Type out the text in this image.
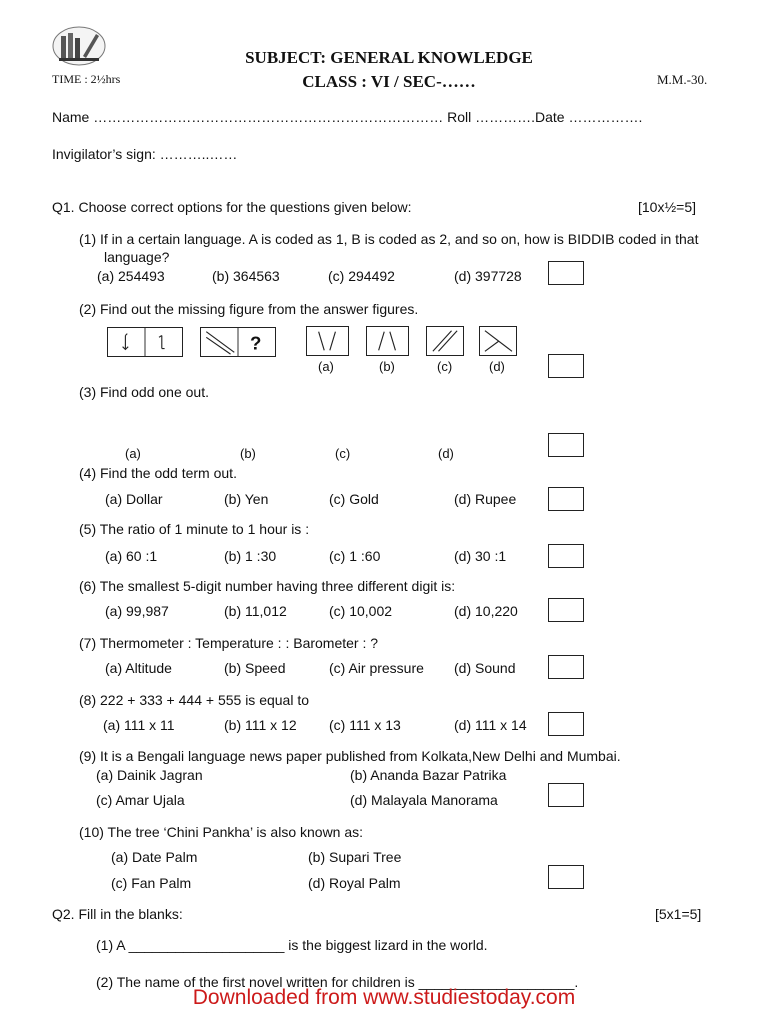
SUBJECT: GENERAL KNOWLEDGE
CLASS : VI / SEC-……
TIME : 2½hrs	M.M.-30.
Name ………………………………………………………………… Roll ………….Date …………….
Invigilator’s sign: ………..……
Q1. Choose correct options for the questions given below:	[10x½=5]
(1) If in a certain language. A is coded as 1, B is coded as 2, and so on, how is BIDDIB coded in that
language?
(a) 254493	(b) 364563	(c) 294492	(d) 397728
(2) Find out the missing figure from the answer figures.
?
(a)	(b)	(c)	(d)
(3) Find odd one out.
(a)	(b)	(c)	(d)
(4) Find the odd term out.
(a) Dollar	(b) Yen	(c) Gold	(d) Rupee
(5) The ratio of 1 minute to 1 hour is :
(a) 60 :1	(b) 1 :30	(c) 1 :60	(d) 30 :1
(6) The smallest 5-digit number having three different digit is:
(a) 99,987	(b) 11,012	(c) 10,002	(d) 10,220
(7) Thermometer : Temperature : : Barometer : ?
(a) Altitude	(b) Speed	(c) Air pressure (d) Sound
(8) 222 + 333 + 444 + 555 is equal to
(a) 111 x 11	(b) 111 x 12 (c) 111 x 13	(d) 111 x 14
(9) It is a Bengali language news paper published from Kolkata,New Delhi and Mumbai.
(a) Dainik Jagran	(b) Ananda Bazar Patrika
(c) Amar Ujala	(d) Malayala Manorama
(10) The tree ‘Chini Pankha’ is also known as:
(a) Date Palm	(b) Supari Tree
(c) Fan Palm	(d) Royal Palm
Q2. Fill in the blanks:	[5x1=5]
(1) A ____________________ is the biggest lizard in the world.
(2) The name of the first novel written for children is ____________________.
Downloaded from www.studiestoday.com
